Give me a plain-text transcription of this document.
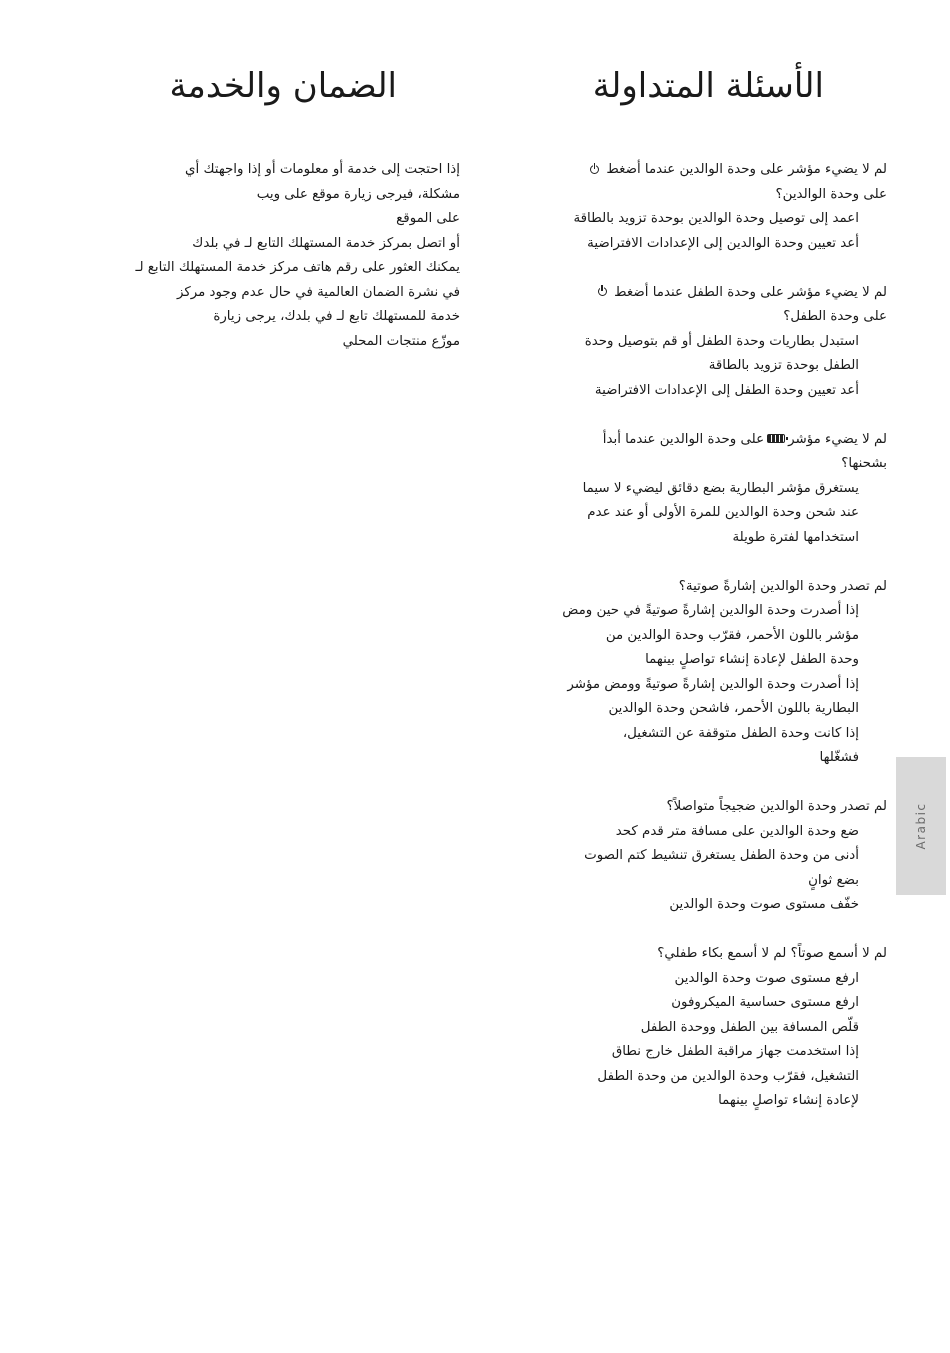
الأسئلة المتداولة
الضمان والخدمة

لم لا يضيء مؤشر على وحدة الوالدين عندما أضغط
على وحدة الوالدين؟

اعمد إلى توصيل وحدة الوالدين بوحدة تزويد بالطاقة
أعد تعيين وحدة الوالدين إلى الإعدادات الافتراضية

لم لا يضيء مؤشر على وحدة الطفل عندما أضغط
على وحدة الطفل؟

استبدل بطاريات وحدة الطفل أو قم بتوصيل وحدة
الطفل بوحدة تزويد بالطاقة
أعد تعيين وحدة الطفل إلى الإعدادات الافتراضية

لم لا يضيء مؤشرعلى وحدة الوالدين عندما أبدأ
بشحنها؟

يستغرق مؤشر البطارية بضع دقائق ليضيء لا سيما
عند شحن وحدة الوالدين للمرة الأولى أو عند عدم
استخدامها لفترة طويلة

لم تصدر وحدة الوالدين إشارةً صوتية؟

إذا أصدرت وحدة الوالدين إشارةً صوتيةً في حين ومض
مؤشر باللون الأحمر، فقرّب وحدة الوالدين من
وحدة الطفل لإعادة إنشاء تواصلٍ بينهما
إذا أصدرت وحدة الوالدين إشارةً صوتيةً وومض مؤشر
البطارية باللون الأحمر، فاشحن وحدة الوالدين
إذا كانت وحدة الطفل متوقفة عن التشغيل،
فشغّلها

لم تصدر وحدة الوالدين ضجيجاً متواصلاً؟

ضع وحدة الوالدين على مسافة متر قدم كحد
أدنى من وحدة الطفل يستغرق تنشيط كتم الصوت
بضع ثوانٍ
خفّف مستوى صوت وحدة الوالدين

لم لا أسمع صوتاً؟ لم لا أسمع بكاء طفلي؟

ارفع مستوى صوت وحدة الوالدين
ارفع مستوى حساسية الميكروفون
قلّص المسافة بين الطفل ووحدة الطفل
إذا استخدمت جهاز مراقبة الطفل خارج نطاق
التشغيل، فقرّب وحدة الوالدين من وحدة الطفل
لإعادة إنشاء تواصلٍ بينهما
إذا احتجت إلى خدمة أو معلومات أو إذا واجهتك أي
مشكلة، فيرجى زيارة موقع على ويب
على الموقع
أو اتصل بمركز خدمة المستهلك التابع لـ في بلدك
يمكنك العثور على رقم هاتف مركز خدمة المستهلك التابع لـ
في نشرة الضمان العالمية في حال عدم وجود مركز
خدمة للمستهلك تابع لـ في بلدك، يرجى زيارة
موزّع منتجات المحلي
Arabic
